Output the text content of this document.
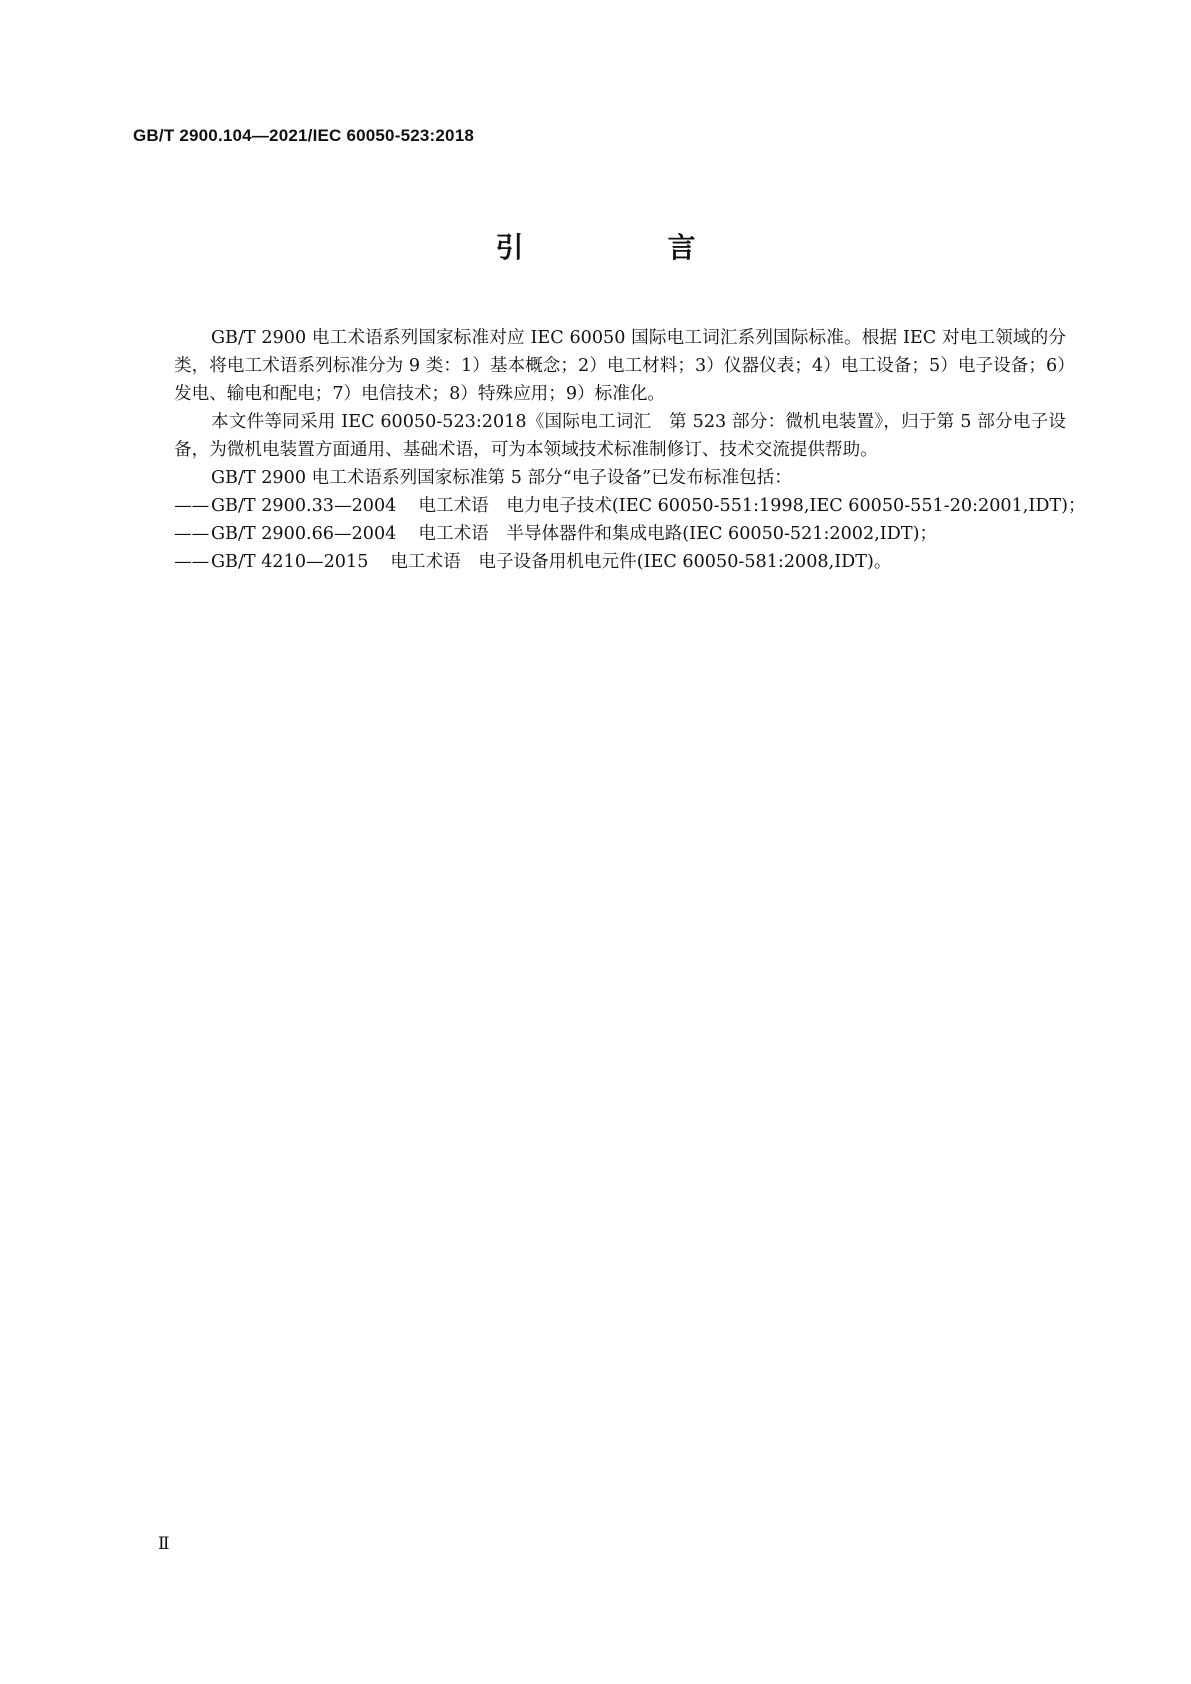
GB/T 2900.104—2021/IEC 60050-523:2018
引　言

GB/T 2900 电工术语系列国家标准对应 IEC 60050 国际电工词汇系列国际标准。根据 IEC 对电工领域的分类，将电工术语系列标准分为 9 类：1）基本概念；2）电工材料；3）仪器仪表；4）电工设备；5）电子设备；6）发电、输电和配电；7）电信技术；8）特殊应用；9）标准化。

本文件等同采用 IEC 60050-523:2018《国际电工词汇　第 523 部分：微机电装置》，归于第 5 部分电子设备，为微机电装置方面通用、基础术语，可为本领域技术标准制修订、技术交流提供帮助。

GB/T 2900 电工术语系列国家标准第 5 部分“电子设备”已发布标准包括：

—— GB/T 2900.33—2004 电工术语　电力电子技术(IEC 60050-551:1998,IEC 60050-551-20:2001,IDT)；

—— GB/T 2900.66—2004 电工术语　半导体器件和集成电路(IEC 60050-521:2002,IDT)；

—— GB/T 4210—2015 电工术语　电子设备用机电元件(IEC 60050-581:2008,IDT)。

Ⅱ
